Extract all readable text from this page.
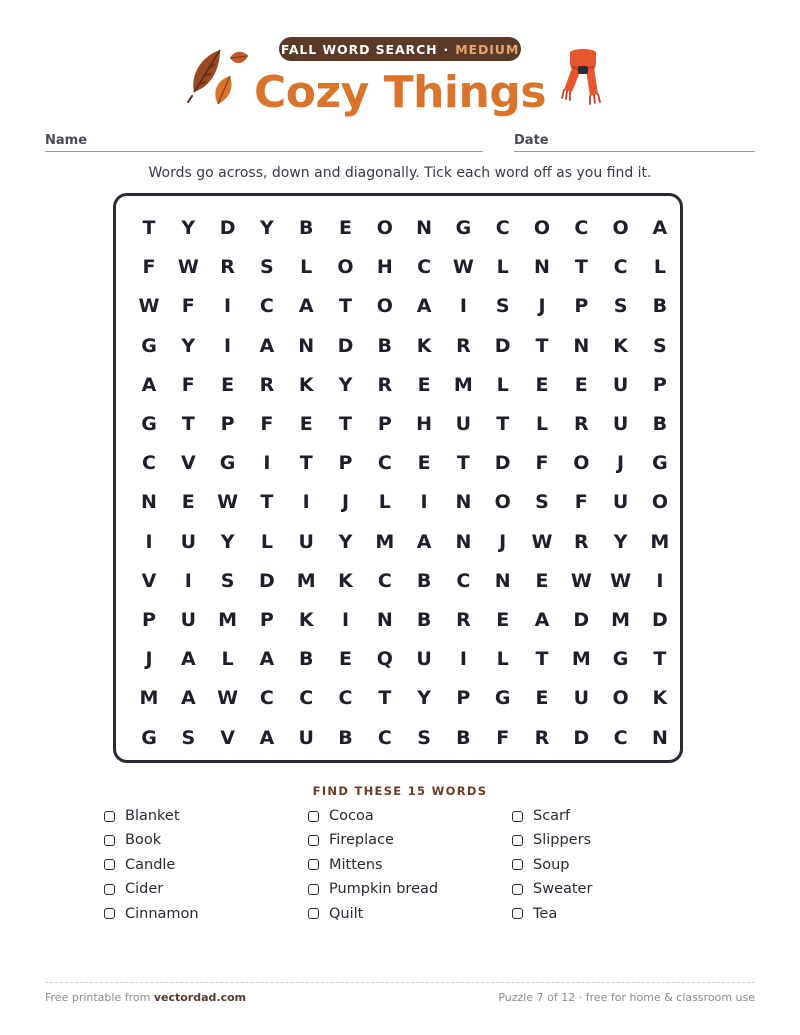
FALL WORD SEARCH · MEDIUM
Cozy Things
Name	Date
Words go across, down and diagonally. Tick each word off as you find it.
T	Y	D	Y	B	E	O	N	G	C	O	C	O	A
F	W	R	S	L	O	H	C	W	L	N	T	C	L
W	F	I	C	A	T	O	A	I	S	J	P	S	B
G	Y	I	A	N	D	B	K	R	D	T	N	K	S
A	F	E	R	K	Y	R	E	M	L	E	E	U	P
G	T	P	F	E	T	P	H	U	T	L	R	U	B
C	V	G	I	T	P	C	E	T	D	F	O	J	G
N	E	W	T	I	J	L	I	N	O	S	F	U	O
I	U	Y	L	U	Y	M	A	N	J	W	R	Y	M
V	I	S	D	M	K	C	B	C	N	E	W W	I
P	U	M	P	K	I	N	B	R	E	A	D	M	D
J	A	L	A	B	E	Q	U	I	L	T	M	G	T
M	A	W	C	C	C	T	Y	P	G	E	U	O	K
G	S	V	A	U	B	C	S	B	F	R	D	C	N
FIND THESE 15 WORDS
Blanket
Book
Candle
Cider
Cinnamon
Cocoa
Fireplace
Mittens
Pumpkin bread
Quilt
Scarf
Slippers
Soup
Sweater
Tea
Free printable from vectordad.com	Puzzle 7 of 12 · free for home & classroom use
